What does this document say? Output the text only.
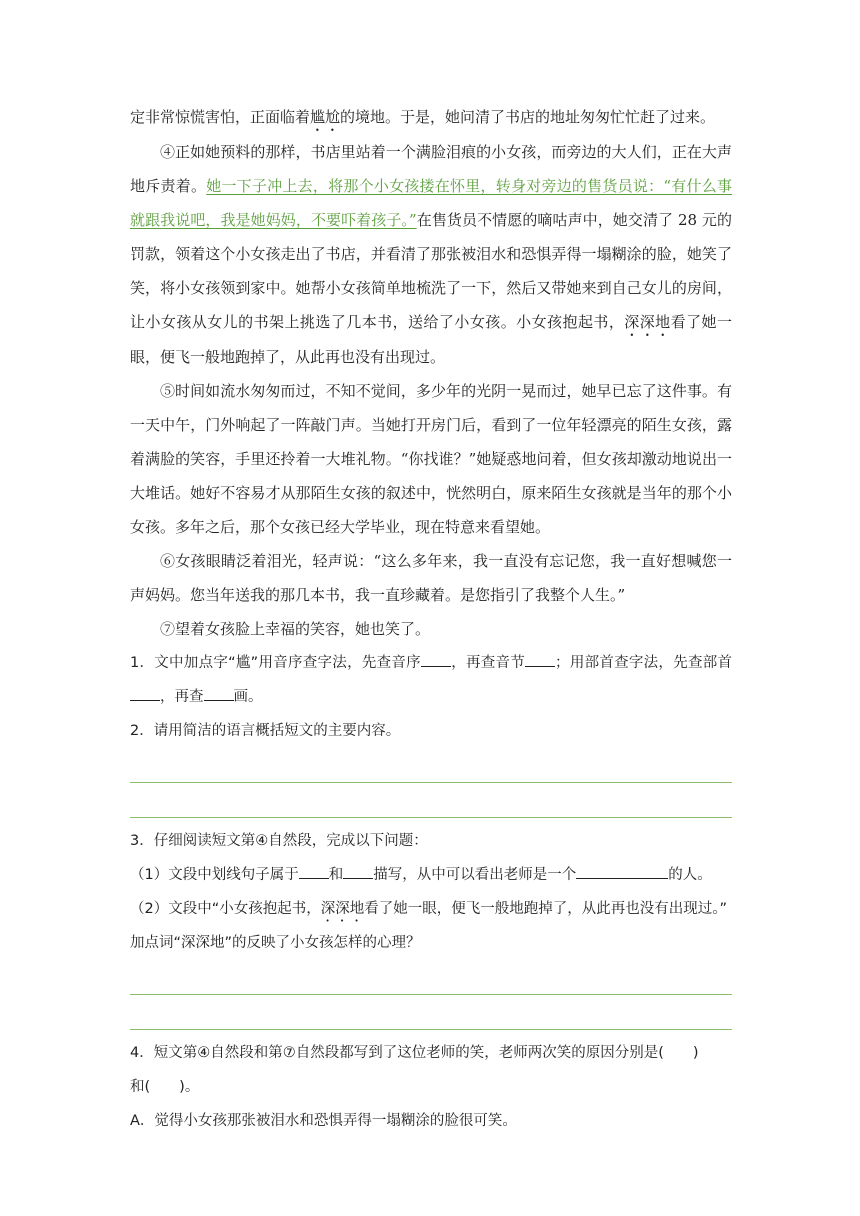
定非常惊慌害怕，正面临着尴尬的境地。于是，她问清了书店的地址匆匆忙忙赶了过来。

④正如她预料的那样，书店里站着一个满脸泪痕的小女孩，而旁边的大人们，正在大声地斥责着。她一下子冲上去，将那个小女孩搂在怀里，转身对旁边的售货员说：“有什么事就跟我说吧，我是她妈妈，不要吓着孩子。”在售货员不情愿的嘀咕声中，她交清了 28 元的罚款，领着这个小女孩走出了书店，并看清了那张被泪水和恐惧弄得一塌糊涂的脸，她笑了笑，将小女孩领到家中。她帮小女孩简单地梳洗了一下，然后又带她来到自己女儿的房间，让小女孩从女儿的书架上挑选了几本书，送给了小女孩。小女孩抱起书，深深地看了她一眼，便飞一般地跑掉了，从此再也没有出现过。

⑤时间如流水匆匆而过，不知不觉间，多少年的光阴一晃而过，她早已忘了这件事。有一天中午，门外响起了一阵敲门声。当她打开房门后，看到了一位年轻漂亮的陌生女孩，露着满脸的笑容，手里还拎着一大堆礼物。“你找谁？”她疑惑地问着，但女孩却激动地说出一大堆话。她好不容易才从那陌生女孩的叙述中，恍然明白，原来陌生女孩就是当年的那个小女孩。多年之后，那个女孩已经大学毕业，现在特意来看望她。

⑥女孩眼睛泛着泪光，轻声说：“这么多年来，我一直没有忘记您，我一直好想喊您一声妈妈。您当年送我的那几本书，我一直珍藏着。是您指引了我整个人生。”

⑦望着女孩脸上幸福的笑容，她也笑了。

1．文中加点字“尴”用音序查字法，先查音序 ，再查音节 ；用部首查字法，先查部首，再查 画。

2．请用简洁的语言概括短文的主要内容。

3．仔细阅读短文第④自然段，完成以下问题：

（1）文段中划线句子属于 和 描写，从中可以看出老师是一个	的人。

（2）文段中“小女孩抱起书，深深地看了她一眼，便飞一般地跑掉了，从此再也没有出现过。”

加点词“深深地”的反映了小女孩怎样的心理？

4．短文第④自然段和第⑦自然段都写到了这位老师的笑，老师两次笑的原因分别是(　　)

和(　　)。

A．觉得小女孩那张被泪水和恐惧弄得一塌糊涂的脸很可笑。
